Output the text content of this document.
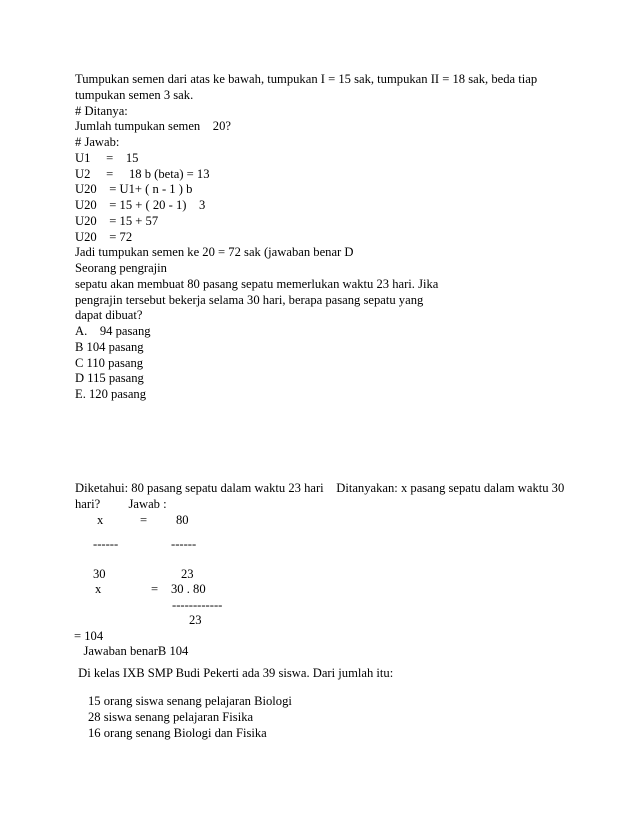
Tumpukan semen dari atas ke bawah, tumpukan I = 15 sak, tumpukan II = 18 sak, beda tiap
tumpukan semen 3 sak.
# Ditanya:
Jumlah tumpukan semen    20?
# Jawab:
U1     =    15
U2     =     18 b (beta) = 13
U20    = U1+ ( n - 1 ) b
U20    = 15 + ( 20 - 1)    3
U20    = 15 + 57
U20    = 72
Jadi tumpukan semen ke 20 = 72 sak (jawaban benar D
Seorang pengrajin
sepatu akan membuat 80 pasang sepatu memerlukan waktu 23 hari. Jika
pengrajin tersebut bekerja selama 30 hari, berapa pasang sepatu yang
dapat dibuat?
A.    94 pasang
B 104 pasang
C 110 pasang
D 115 pasang
E. 120 pasang
Diketahui: 80 pasang sepatu dalam waktu 23 hari    Ditanyakan: x pasang sepatu dalam waktu 30
hari?         Jawab :
x	= 80
------	------
30	23
x	= 30 . 80
------------
23
= 104
Jawaban benarB 104
Di kelas IXB SMP Budi Pekerti ada 39 siswa. Dari jumlah itu:
15 orang siswa senang pelajaran Biologi
28 siswa senang pelajaran Fisika
16 orang senang Biologi dan Fisika
